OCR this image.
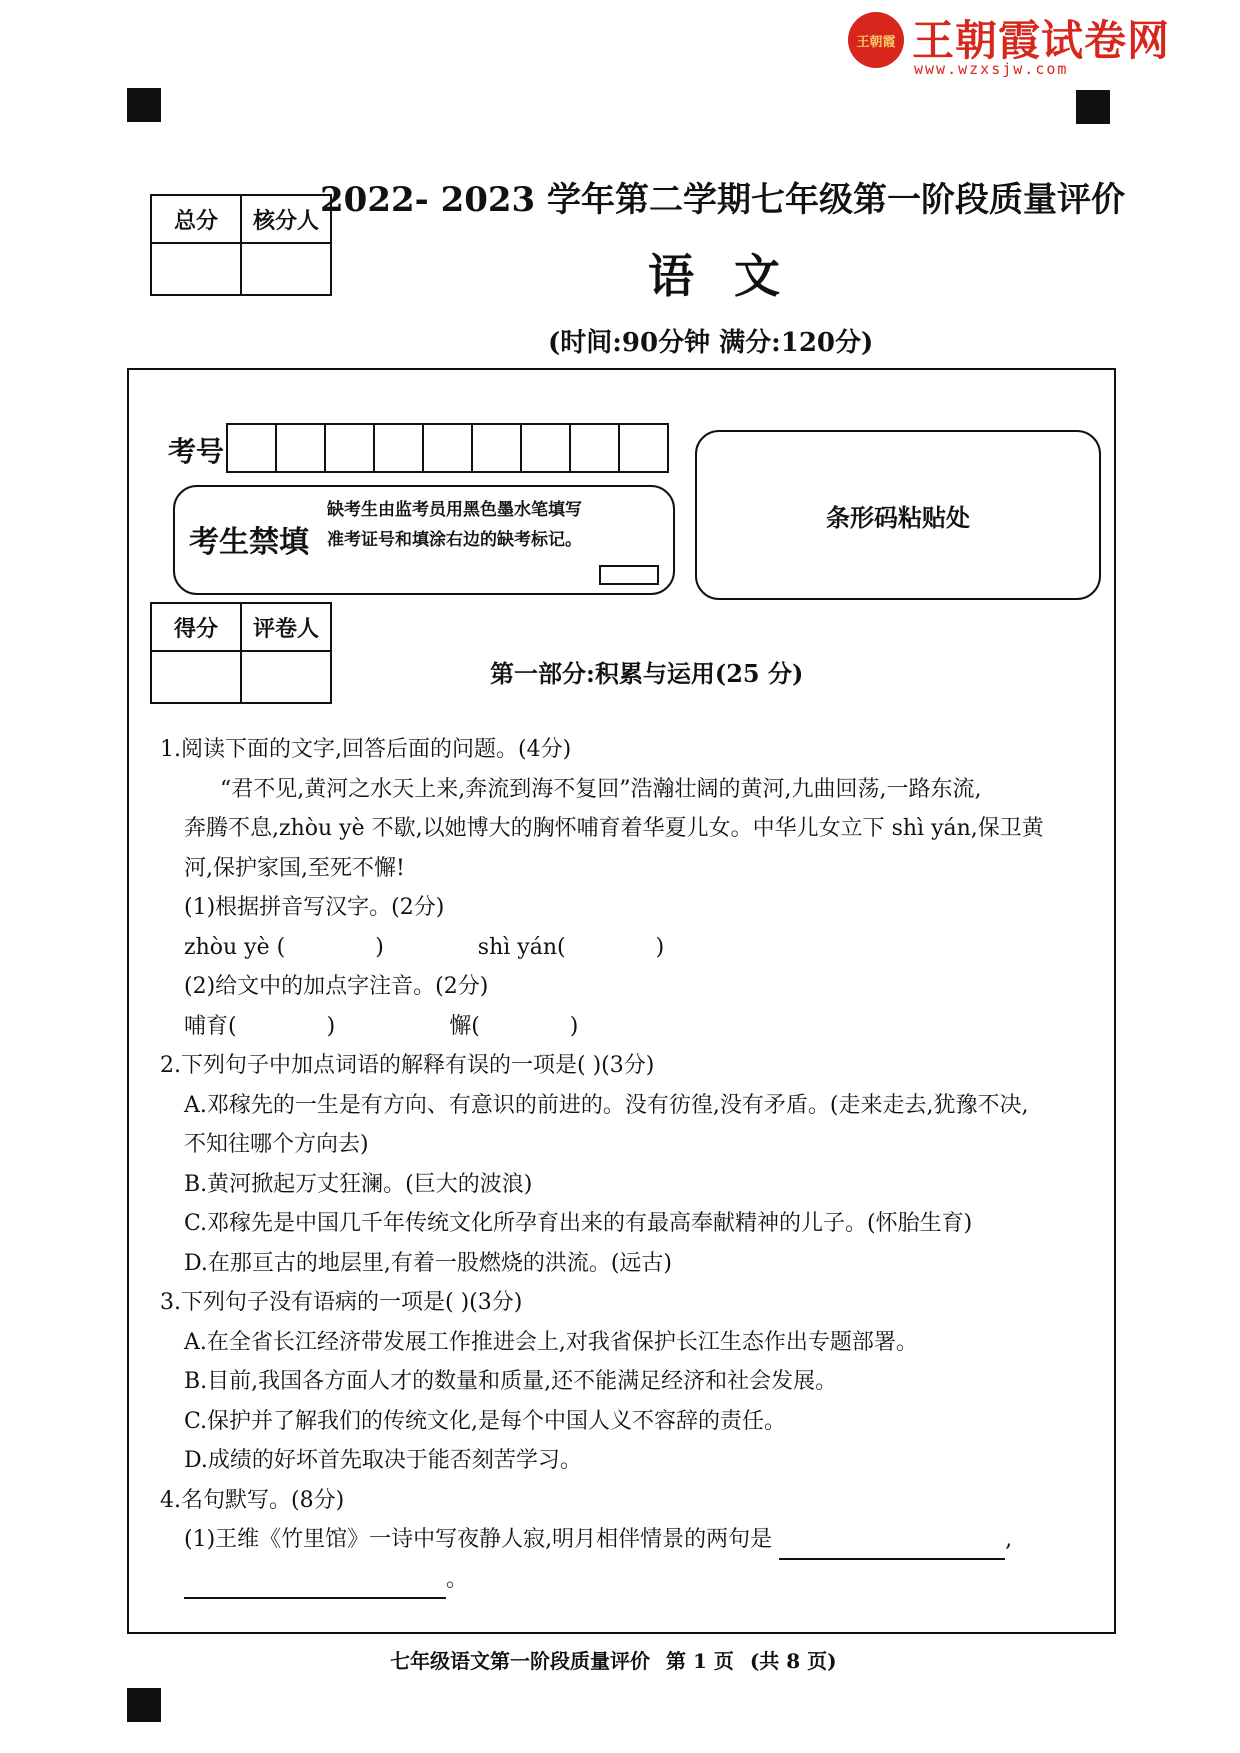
王朝霞 王朝霞试卷网
www.wzxsjw.com
总分	核分人

2022- 2023 学年第二学期七年级第一阶段质量评价
语文
(时间:90分钟 满分:120分)
考号
考生禁填
缺考生由监考员用黑色墨水笔填写准考证号和填涂右边的缺考标记。
条形码粘贴处
得分	评卷人

第一部分:积累与运用(25 分)
1.阅读下面的文字,回答后面的问题。(4分)
“君不见,黄河之水天上来,奔流到海不复回”浩瀚壮阔的黄河,九曲回荡,一路东流,
奔腾不息,zhòu yè 不歇,以她博大的胸怀哺育着华夏儿女。中华儿女立下 shì yán,保卫黄
河,保护家国,至死不懈!
(1)根据拼音写汉字。(2分)
zhòu yè (	)	shì yán(	)
(2)给文中的加点字注音。(2分)
哺育(	)	懈(	)
2.下列句子中加点词语的解释有误的一项是( )(3分)
A.邓稼先的一生是有方向、有意识的前进的。没有彷徨,没有矛盾。(走来走去,犹豫不决,
不知往哪个方向去)
B.黄河掀起万丈狂澜。(巨大的波浪)
C.邓稼先是中国几千年传统文化所孕育出来的有最高奉献精神的儿子。(怀胎生育)
D.在那亘古的地层里,有着一股燃烧的洪流。(远古)
3.下列句子没有语病的一项是( )(3分)
A.在全省长江经济带发展工作推进会上,对我省保护长江生态作出专题部署。
B.目前,我国各方面人才的数量和质量,还不能满足经济和社会发展。
C.保护并了解我们的传统文化,是每个中国人义不容辞的责任。
D.成绩的好坏首先取决于能否刻苦学习。
4.名句默写。(8分)
(1)王维《竹里馆》一诗中写夜静人寂,明月相伴情景的两句是	,
。
七年级语文第一阶段质量评价 第 1 页 (共 8 页)
